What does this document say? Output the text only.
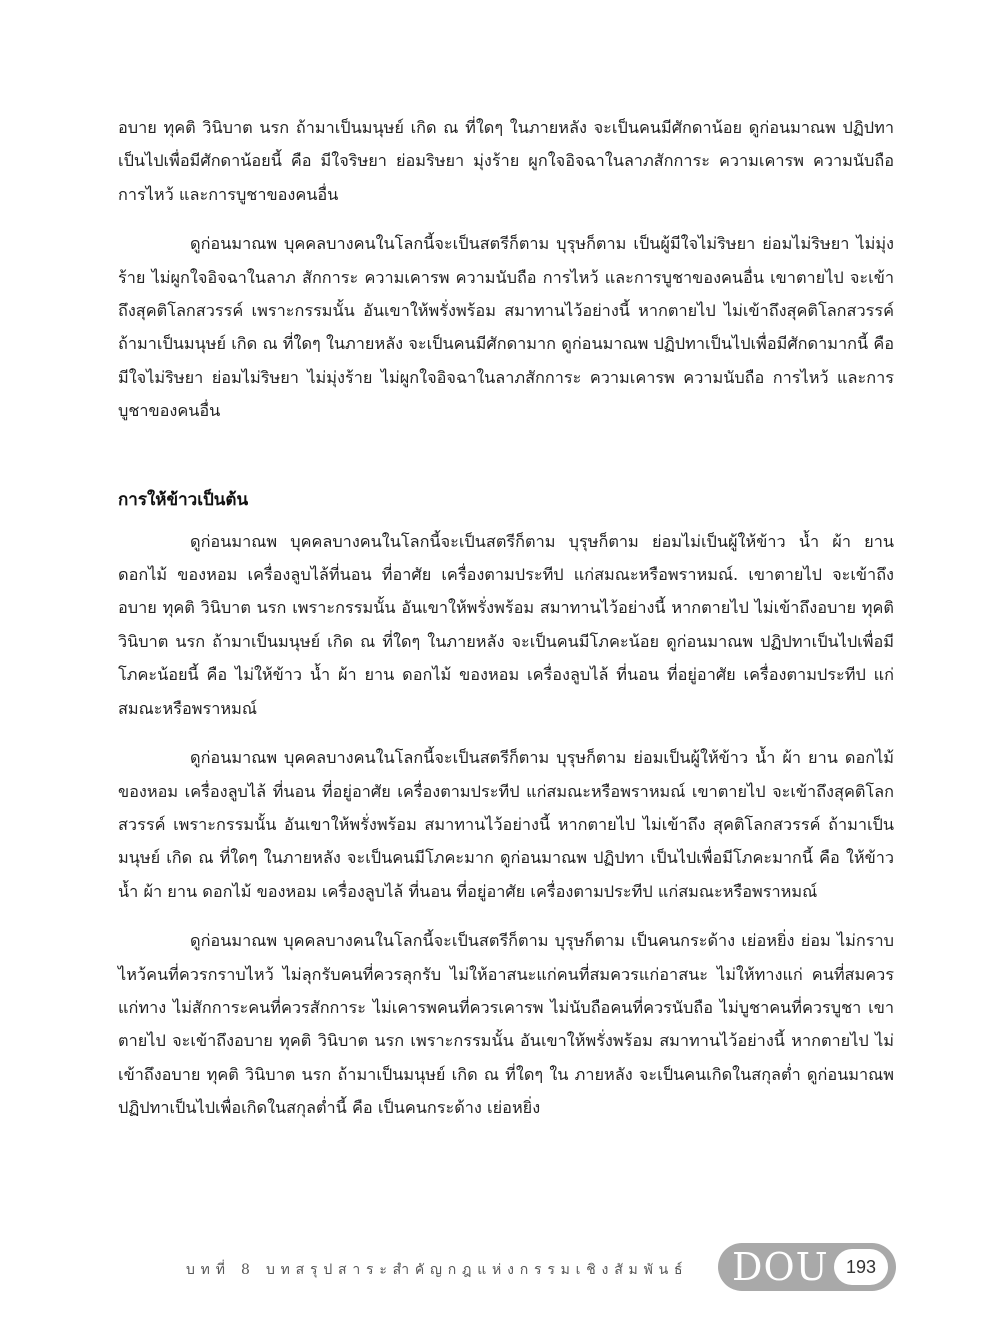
อบาย ทุคติ วินิบาต นรก ถ้ามาเป็นมนุษย์ เกิด ณ ที่ใดๆ ในภายหลัง จะเป็นคนมีศักดาน้อย ดูก่อนมาณพ ปฏิปทาเป็นไปเพื่อมีศักดาน้อยนี้ คือ มีใจริษยา ย่อมริษยา มุ่งร้าย ผูกใจอิจฉาในลาภสักการะ ความเคารพ ความนับถือ การไหว้ และการบูชาของคนอื่น

ดูก่อนมาณพ บุคคลบางคนในโลกนี้จะเป็นสตรีก็ตาม บุรุษก็ตาม เป็นผู้มีใจไม่ริษยา ย่อมไม่ริษยา ไม่มุ่งร้าย ไม่ผูกใจอิจฉาในลาภ สักการะ ความเคารพ ความนับถือ การไหว้ และการบูชาของคนอื่น เขาตายไป จะเข้าถึงสุคติโลกสวรรค์ เพราะกรรมนั้น อันเขาให้พรั่งพร้อม สมาทานไว้อย่างนี้ หากตายไป ไม่เข้าถึงสุคติโลกสวรรค์ ถ้ามาเป็นมนุษย์ เกิด ณ ที่ใดๆ ในภายหลัง จะเป็นคนมีศักดามาก ดูก่อนมาณพ ปฏิปทาเป็นไปเพื่อมีศักดามากนี้ คือ มีใจไม่ริษยา ย่อมไม่ริษยา ไม่มุ่งร้าย ไม่ผูกใจอิจฉาในลาภสักการะ ความเคารพ ความนับถือ การไหว้ และการบูชาของคนอื่น

การให้ข้าวเป็นต้น

ดูก่อนมาณพ บุคคลบางคนในโลกนี้จะเป็นสตรีก็ตาม บุรุษก็ตาม ย่อมไม่เป็นผู้ให้ข้าว น้ำ ผ้า ยาน ดอกไม้ ของหอม เครื่องลูบไล้ที่นอน ที่อาศัย เครื่องตามประทีป แก่สมณะหรือพราหมณ์. เขาตายไป จะเข้าถึงอบาย ทุคติ วินิบาต นรก เพราะกรรมนั้น อันเขาให้พรั่งพร้อม สมาทานไว้อย่างนี้ หากตายไป ไม่เข้าถึงอบาย ทุคติ วินิบาต นรก ถ้ามาเป็นมนุษย์ เกิด ณ ที่ใดๆ ในภายหลัง จะเป็นคนมีโภคะน้อย ดูก่อนมาณพ ปฏิปทาเป็นไปเพื่อมีโภคะน้อยนี้ คือ ไม่ให้ข้าว น้ำ ผ้า ยาน ดอกไม้ ของหอม เครื่องลูบไล้ ที่นอน ที่อยู่อาศัย เครื่องตามประทีป แก่สมณะหรือพราหมณ์

ดูก่อนมาณพ บุคคลบางคนในโลกนี้จะเป็นสตรีก็ตาม บุรุษก็ตาม ย่อมเป็นผู้ให้ข้าว น้ำ ผ้า ยาน ดอกไม้ ของหอม เครื่องลูบไล้ ที่นอน ที่อยู่อาศัย เครื่องตามประทีป แก่สมณะหรือพราหมณ์ เขาตายไป จะเข้าถึงสุคติโลกสวรรค์ เพราะกรรมนั้น อันเขาให้พรั่งพร้อม สมาทานไว้อย่างนี้ หากตายไป ไม่เข้าถึง สุคติโลกสวรรค์ ถ้ามาเป็นมนุษย์ เกิด ณ ที่ใดๆ ในภายหลัง จะเป็นคนมีโภคะมาก ดูก่อนมาณพ ปฏิปทา เป็นไปเพื่อมีโภคะมากนี้ คือ ให้ข้าว น้ำ ผ้า ยาน ดอกไม้ ของหอม เครื่องลูบไล้ ที่นอน ที่อยู่อาศัย เครื่องตามประทีป แก่สมณะหรือพราหมณ์

ดูก่อนมาณพ บุคคลบางคนในโลกนี้จะเป็นสตรีก็ตาม บุรุษก็ตาม เป็นคนกระด้าง เย่อหยิ่ง ย่อม ไม่กราบไหว้คนที่ควรกราบไหว้ ไม่ลุกรับคนที่ควรลุกรับ ไม่ให้อาสนะแก่คนที่สมควรแก่อาสนะ ไม่ให้ทางแก่ คนที่สมควรแก่ทาง ไม่สักการะคนที่ควรสักการะ ไม่เคารพคนที่ควรเคารพ ไม่นับถือคนที่ควรนับถือ ไม่บูชาคนที่ควรบูชา เขาตายไป จะเข้าถึงอบาย ทุคติ วินิบาต นรก เพราะกรรมนั้น อันเขาให้พรั่งพร้อม สมาทานไว้อย่างนี้ หากตายไป ไม่เข้าถึงอบาย ทุคติ วินิบาต นรก ถ้ามาเป็นมนุษย์ เกิด ณ ที่ใดๆ ใน ภายหลัง จะเป็นคนเกิดในสกุลต่ำ ดูก่อนมาณพ ปฏิปทาเป็นไปเพื่อเกิดในสกุลต่ำนี้ คือ เป็นคนกระด้าง เย่อหยิ่ง

บทที่ 8 บทสรุปสาระสำคัญกฎแห่งกรรมเชิงสัมพันธ์ DOU 193
